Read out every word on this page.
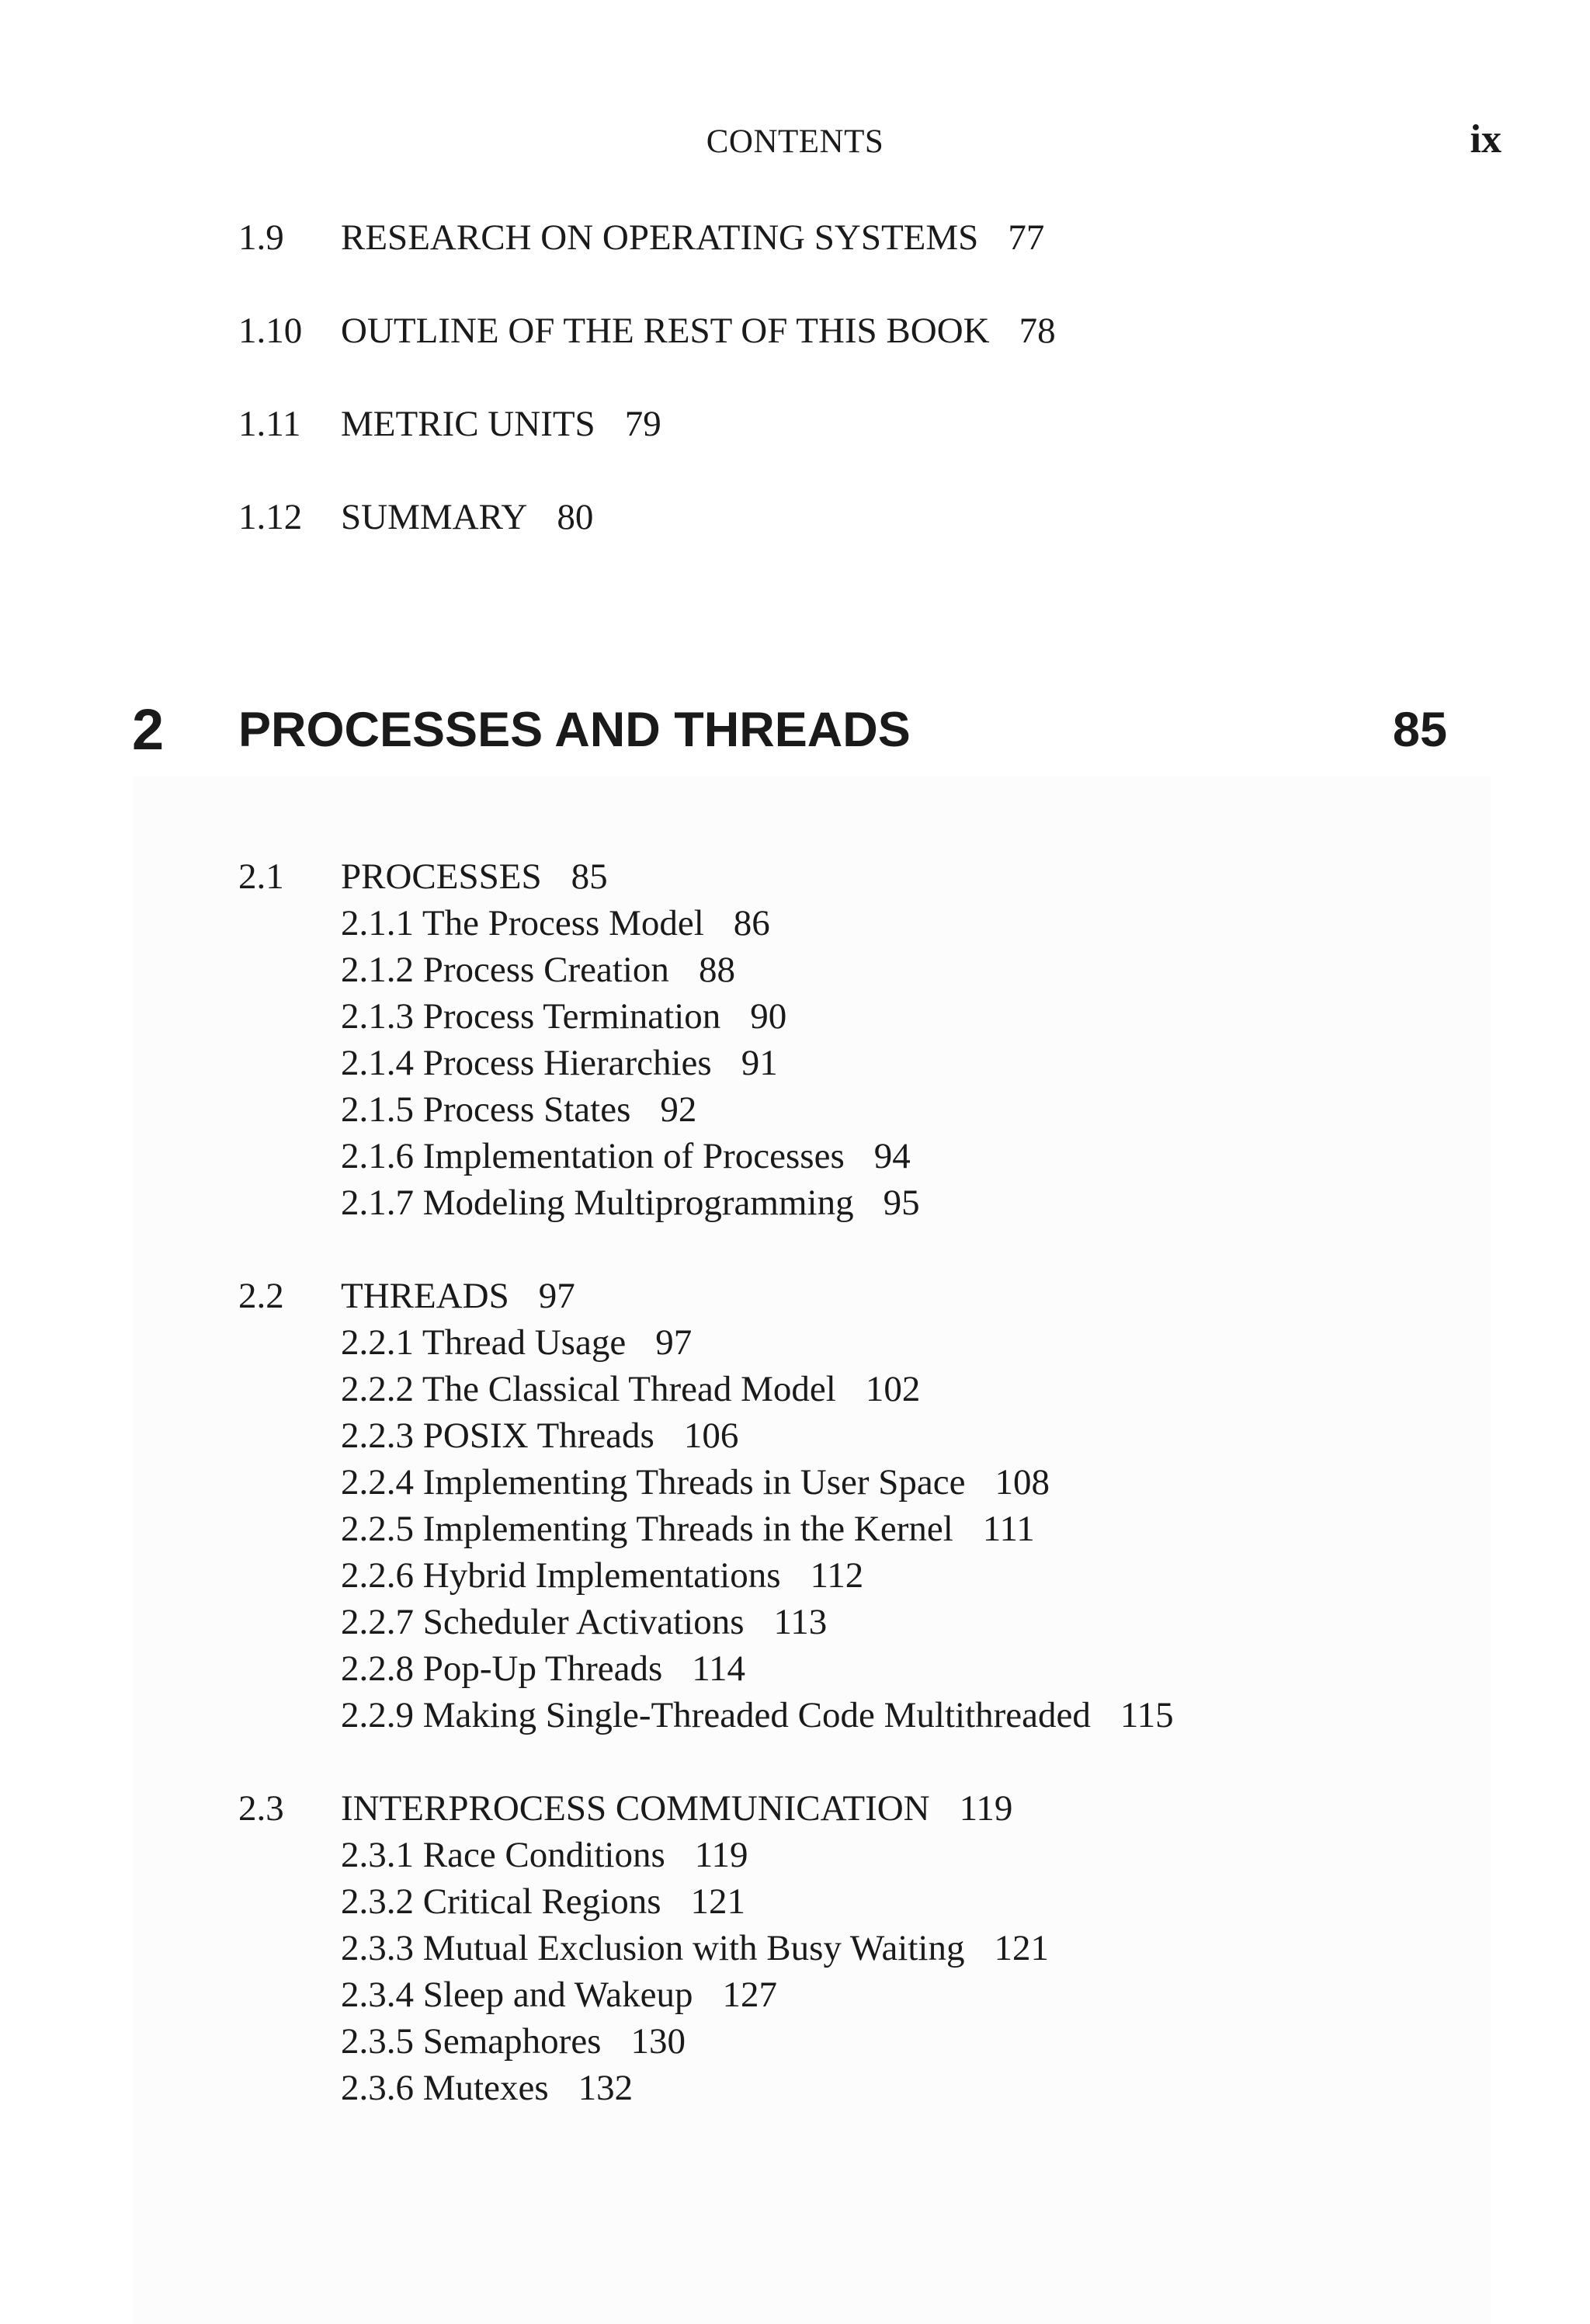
CONTENTS	ix
1.9 RESEARCH ON OPERATING SYSTEMS 77
1.10 OUTLINE OF THE REST OF THIS BOOK 78
1.11 METRIC UNITS 79
1.12 SUMMARY 80
2 PROCESSES AND THREADS	85
2.1 PROCESSES 85
2.1.1 The Process Model 86
2.1.2 Process Creation 88
2.1.3 Process Termination 90
2.1.4 Process Hierarchies 91
2.1.5 Process States 92
2.1.6 Implementation of Processes 94
2.1.7 Modeling Multiprogramming 95
2.2 THREADS 97
2.2.1 Thread Usage 97
2.2.2 The Classical Thread Model 102
2.2.3 POSIX Threads 106
2.2.4 Implementing Threads in User Space 108
2.2.5 Implementing Threads in the Kernel 111
2.2.6 Hybrid Implementations 112
2.2.7 Scheduler Activations 113
2.2.8 Pop-Up Threads 114
2.2.9 Making Single-Threaded Code Multithreaded 115
2.3 INTERPROCESS COMMUNICATION 119
2.3.1 Race Conditions 119
2.3.2 Critical Regions 121
2.3.3 Mutual Exclusion with Busy Waiting 121
2.3.4 Sleep and Wakeup 127
2.3.5 Semaphores 130
2.3.6 Mutexes 132
